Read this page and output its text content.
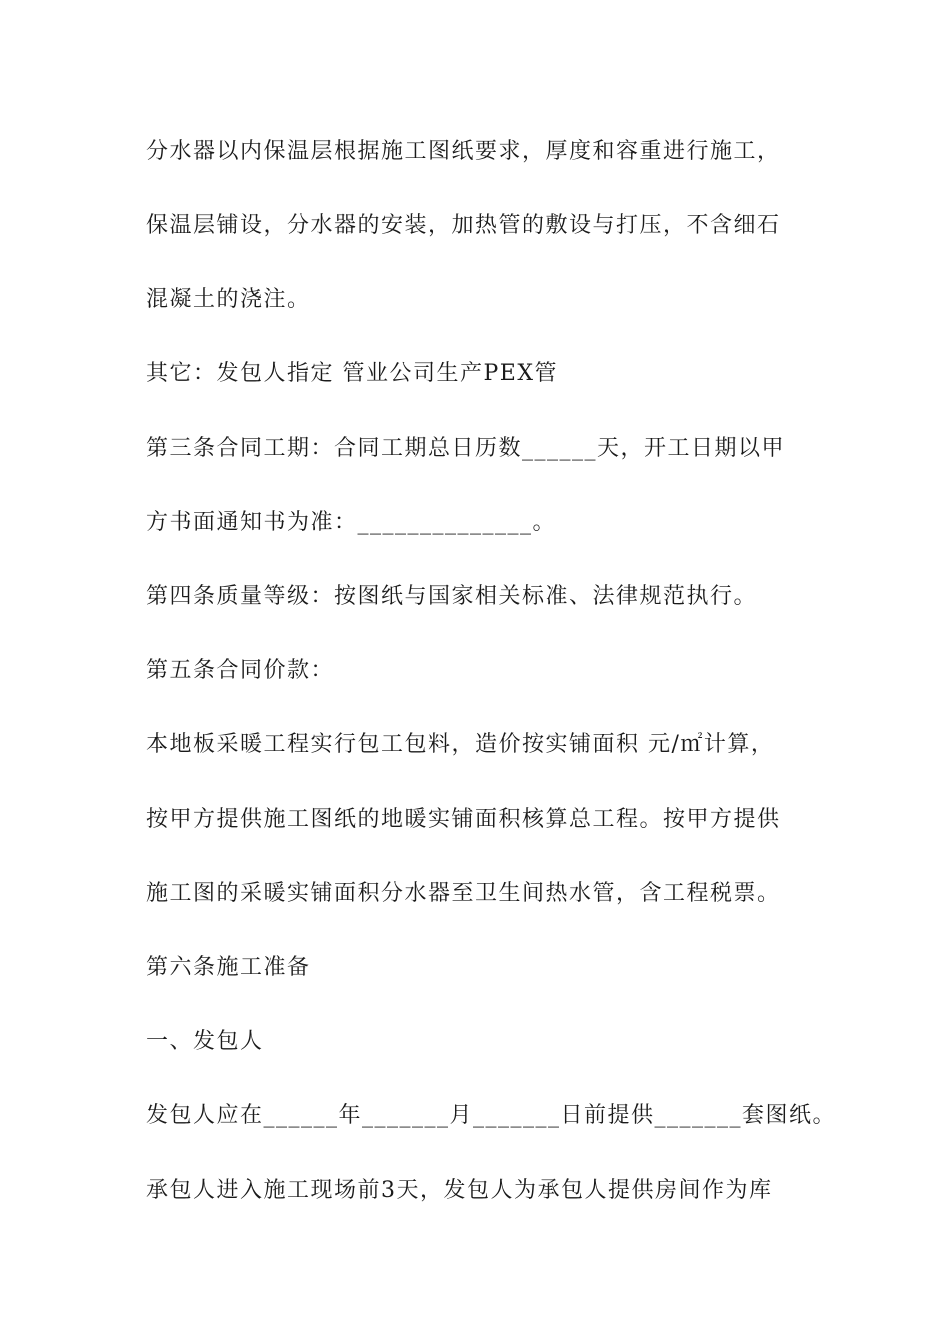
分水器以内保温层根据施工图纸要求，厚度和容重进行施工，

保温层铺设，分水器的安装，加热管的敷设与打压，不含细石

混凝土的浇注。

其它：发包人指定 管业公司生产PEX管

第三条合同工期：合同工期总日历数______天，开工日期以甲

方书面通知书为准：______________。

第四条质量等级：按图纸与国家相关标准、法律规范执行。

第五条合同价款：

本地板采暖工程实行包工包料，造价按实铺面积 元/㎡计算，

按甲方提供施工图纸的地暖实铺面积核算总工程。按甲方提供

施工图的采暖实铺面积分水器至卫生间热水管，含工程税票。

第六条施工准备

一、发包人

发包人应在______年_______月_______日前提供_______套图纸。

承包人进入施工现场前3天，发包人为承包人提供房间作为库
